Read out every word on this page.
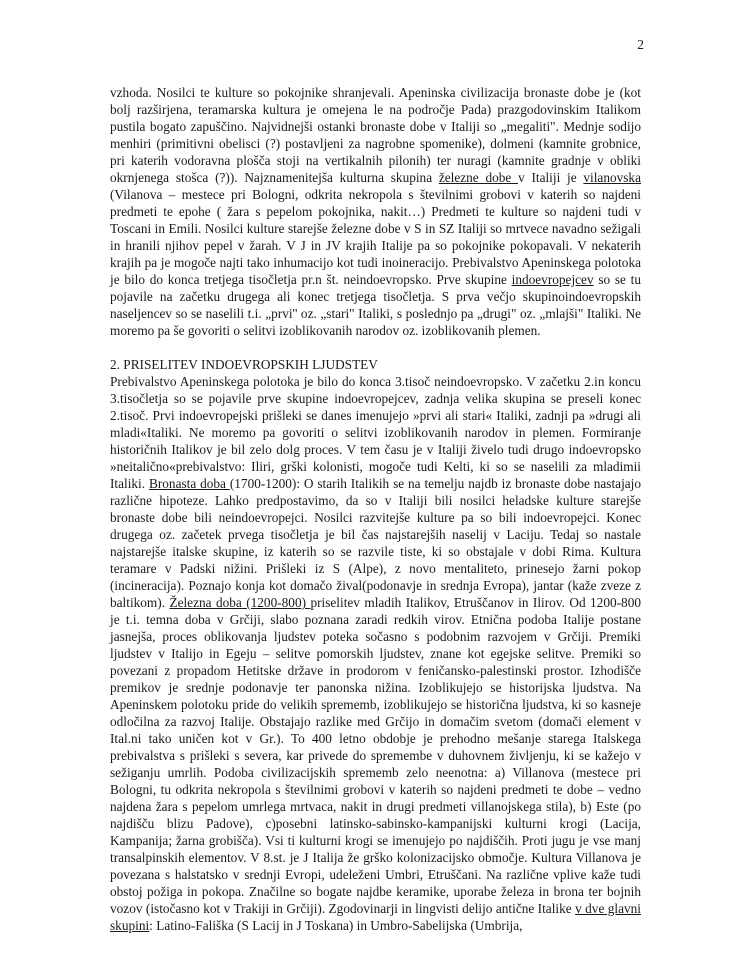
2

vzhoda. Nosilci te kulture so pokojnike shranjevali. Apeninska civilizacija bronaste dobe je (kot bolj razširjena, teramarska kultura je omejena le na področje Pada) prazgodovinskim Italikom pustila bogato zapuščino. Najvidnejši ostanki bronaste dobe v Italiji so „megaliti". Mednje sodijo menhiri (primitivni obelisci (?) postavljeni za nagrobne spomenike), dolmeni (kamnite grobnice, pri katerih vodoravna plošča stoji na vertikalnih pilonih) ter nuragi (kamnite gradnje v obliki okrnjenega stošca (?)). Najznamenitejša kulturna skupina železne dobe v Italiji je vilanovska (Vilanova – mestece pri Bologni, odkrita nekropola s številnimi grobovi v katerih so najdeni predmeti te epohe ( žara s pepelom pokojnika, nakit…) Predmeti te kulture so najdeni tudi v Toscani in Emili. Nosilci kulture starejše železne dobe v S in SZ Italiji so mrtvece navadno sežigali in hranili njihov pepel v žarah. V J in JV krajih Italije pa so pokojnike pokopavali. V nekaterih krajih pa je mogoče najti tako inhumacijo kot tudi inoineracijo. Prebivalstvo Apeninskega polotoka je bilo do konca tretjega tisočletja pr.n št. neindoevropsko. Prve skupine indoevropejcev so se tu pojavile na začetku drugega ali konec tretjega tisočletja. S prva večjo skupinoindoevropskih naseljencev so se naselili t.i. „prvi'' oz. „stari" Italiki, s poslednjo pa „drugi" oz. „mlajši" Italiki. Ne moremo pa še govoriti o selitvi izoblikovanih narodov oz. izoblikovanih plemen.

2. PRISELITEV INDOEVROPSKIH LJUDSTEV

Prebivalstvo Apeninskega polotoka je bilo do konca 3.tisoč neindoevropsko. V začetku 2.in koncu 3.tisočletja so se pojavile prve skupine indoevropejcev, zadnja velika skupina se preseli konec 2.tisoč. Prvi indoevropejski prišleki se danes imenujejo »prvi ali stari« Italiki, zadnji pa »drugi ali mladi«Italiki. Ne moremo pa govoriti o selitvi izoblikovanih narodov in plemen. Formiranje historičnih Italikov je bil zelo dolg proces. V tem času je v Italiji živelo tudi drugo indoevropsko »neitalično«prebivalstvo: Iliri, grški kolonisti, mogoče tudi Kelti, ki so se naselili za mladimii Italiki. Bronasta doba (1700-1200): O starih Italikih se na temelju najdb iz bronaste dobe nastajajo različne hipoteze. Lahko predpostavimo, da so v Italiji bili nosilci heladske kulture starejše bronaste dobe bili neindoevropejci. Nosilci razvitejše kulture pa so bili indoevropejci. Konec drugega oz. začetek prvega tisočletja je bil čas najstarejših naselij v Laciju. Tedaj so nastale najstarejše italske skupine, iz katerih so se razvile tiste, ki so obstajale v dobi Rima. Kultura teramare v Padski nižini. Prišleki iz S (Alpe), z novo mentaliteto, prinesejo žarni pokop (incineracija). Poznajo konja kot domačo žival(podonavje in srednja Evropa), jantar (kaže zveze z baltikom). Železna doba (1200-800) priselitev mladih Italikov, Etruščanov in Ilirov. Od 1200-800 je t.i. temna doba v Grčiji, slabo poznana zaradi redkih virov. Etnična podoba Italije postane jasnejša, proces oblikovanja ljudstev poteka sočasno s podobnim razvojem v Grčiji. Premiki ljudstev v Italijo in Egeju – selitve pomorskih ljudstev, znane kot egejske selitve. Premiki so povezani z propadom Hetitske države in prodorom v feničansko-palestinski prostor. Izhodišče premikov je srednje podonavje ter panonska nižina. Izoblikujejo se historijska ljudstva. Na Apeninskem polotoku pride do velikih sprememb, izoblikujejo se historična ljudstva, ki so kasneje odločilna za razvoj Italije. Obstajajo razlike med Grčijo in domačim svetom (domači element v Ital.ni tako uničen kot v Gr.). To 400 letno obdobje je prehodno mešanje starega Italskega prebivalstva s prišleki s severa, kar privede do spremembe v duhovnem življenju, ki se kažejo v sežiganju umrlih. Podoba civilizacijskih sprememb zelo neenotna: a) Villanova (mestece pri Bologni, tu odkrita nekropola s številnimi grobovi v katerih so najdeni predmeti te dobe – vedno najdena žara s pepelom umrlega mrtvaca, nakit in drugi predmeti villanojskega stila), b) Este (po najdišču blizu Padove), c)posebni latinsko-sabinsko-kampanijski kulturni krogi (Lacija, Kampanija; žarna grobišča). Vsi ti kulturni krogi se imenujejo po najdiščih. Proti jugu je vse manj transalpinskih elementov. V 8.st. je J Italija že grško kolonizacijsko območje. Kultura Villanova je povezana s halstatsko v srednji Evropi, udeleženi Umbri, Etruščani. Na različne vplive kaže tudi obstoj požiga in pokopa. Značilne so bogate najdbe keramike, uporabe železa in brona ter bojnih vozov (istočasno kot v Trakiji in Grčiji). Zgodovinarji in lingvisti delijo antične Italike v dve glavni skupini: Latino-Fališka (S Lacij in J Toskana) in Umbro-Sabelijska (Umbrija,
